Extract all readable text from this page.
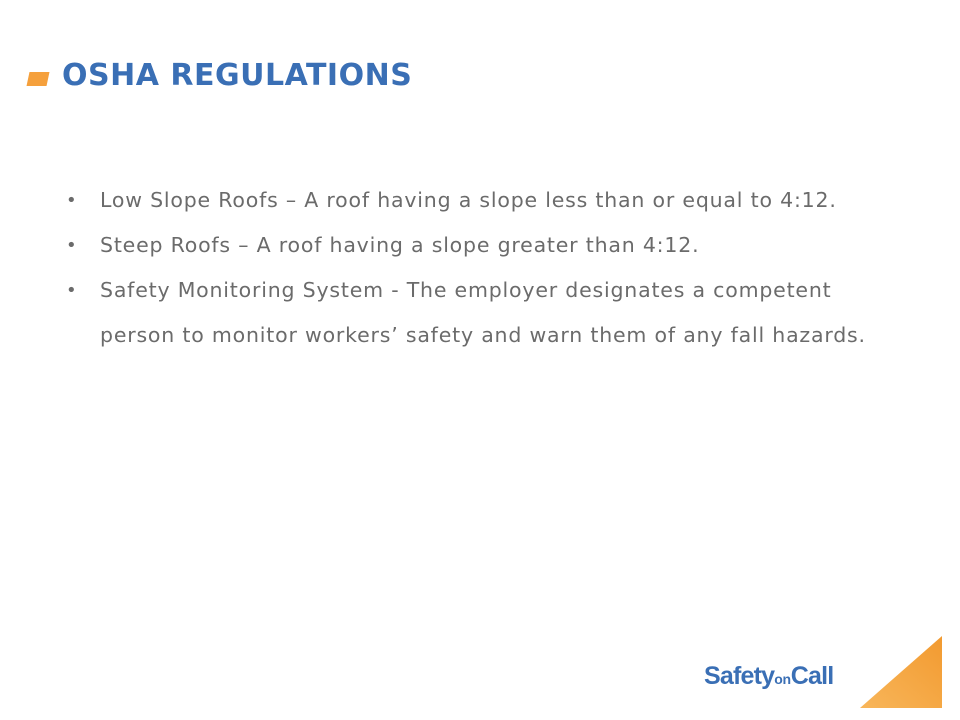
OSHA REGULATIONS
• Low Slope Roofs – A roof having a slope less than or equal to 4:12.
• Steep Roofs – A roof having a slope greater than 4:12.
• Safety Monitoring System - The employer designates a competent person to monitor workers’ safety and warn them of any fall hazards.
SafetyonCall
